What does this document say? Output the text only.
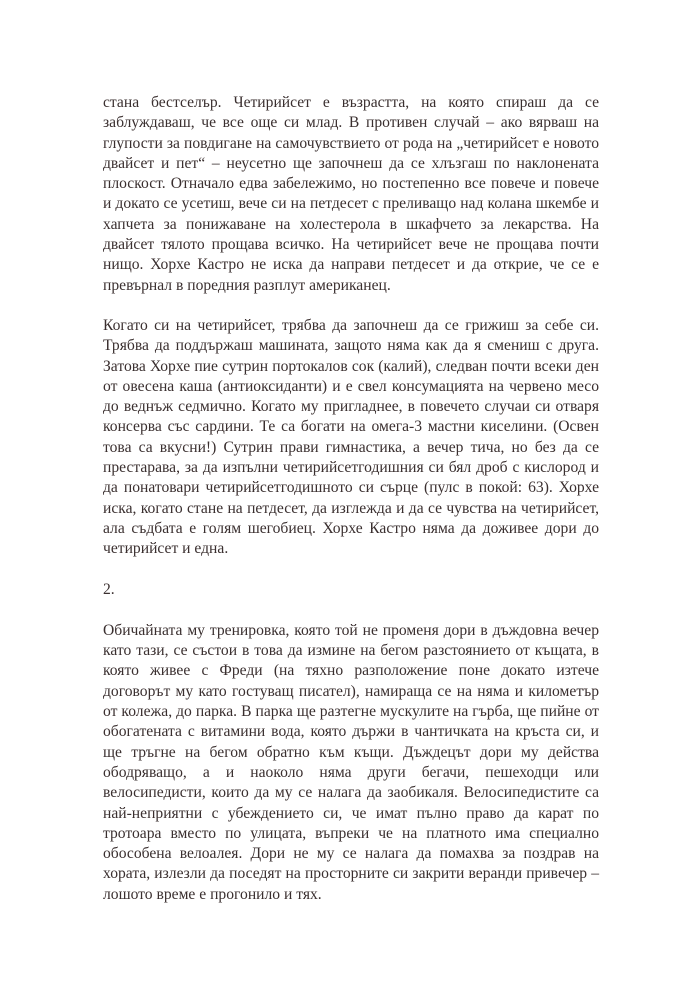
стана бестселър. Четирийсет е възрастта, на която спираш да се заблуждаваш, че все още си млад. В противен случай – ако вярваш на глупости за повдигане на самочувствието от рода на „четирийсет е новото двайсет и пет“ – неусетно ще започнеш да се хлъзгаш по наклонената плоскост. Отначало едва забележимо, но постепенно все повече и повече и докато се усетиш, вече си на петдесет с преливащо над колана шкембе и хапчета за понижаване на холестерола в шкафчето за лекарства. На двайсет тялото прощава всичко. На четирийсет вече не прощава почти нищо. Хорхе Кастро не иска да направи петдесет и да открие, че се е превърнал в поредния разплут американец.

Когато си на четирийсет, трябва да започнеш да се грижиш за себе си. Трябва да поддържаш машината, защото няма как да я смениш с друга. Затова Хорхе пие сутрин портокалов сок (калий), следван почти всеки ден от овесена каша (антиоксиданти) и е свел консумацията на червено месо до веднъж седмично. Когато му пригладнее, в повечето случаи си отваря консерва със сардини. Те са богати на омега-3 мастни киселини. (Освен това са вкусни!) Сутрин прави гимнастика, а вечер тича, но без да се престарава, за да изпълни четирийсетгодишния си бял дроб с кислород и да понатовари четирийсетгодишното си сърце (пулс в покой: 63). Хорхе иска, когато стане на петдесет, да изглежда и да се чувства на четирийсет, ала съдбата е голям шегобиец. Хорхе Кастро няма да доживее дори до четирийсет и една.

2.

Обичайната му тренировка, която той не променя дори в дъждовна вечер като тази, се състои в това да измине на бегом разстоянието от къщата, в която живее с Фреди (на тяхно разположение поне докато изтече договорът му като гостуващ писател), намираща се на няма и километър от колежа, до парка. В парка ще разтегне мускулите на гърба, ще пийне от обогатената с витамини вода, която държи в чантичката на кръста си, и ще тръгне на бегом обратно към къщи. Дъждецът дори му действа ободряващо, а и наоколо няма други бегачи, пешеходци или велосипедисти, които да му се налага да заобикаля. Велосипедистите са най-неприятни с убеждението си, че имат пълно право да карат по тротоара вместо по улицата, въпреки че на платното има специално обособена велоалея. Дори не му се налага да помахва за поздрав на хората, излезли да поседят на просторните си закрити веранди привечер – лошото време е прогонило и тях.
